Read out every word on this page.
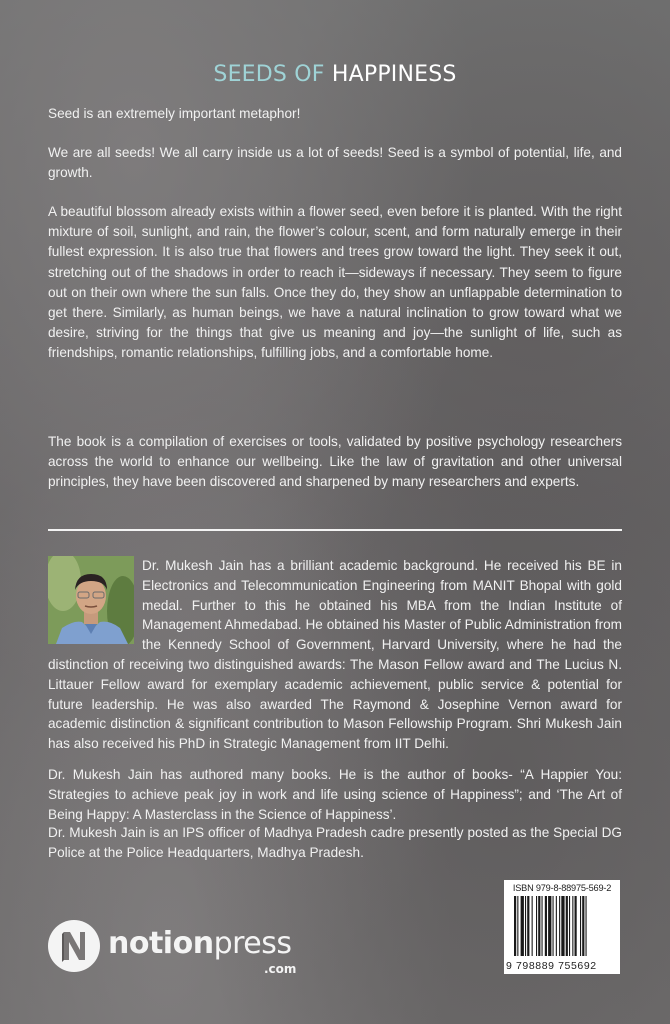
SEEDS OF HAPPINESS
Seed is an extremely important metaphor!
We are all seeds! We all carry inside us a lot of seeds! Seed is a symbol of potential, life, and growth.
A beautiful blossom already exists within a flower seed, even before it is planted. With the right mixture of soil, sunlight, and rain, the flower’s colour, scent, and form naturally emerge in their fullest expression. It is also true that flowers and trees grow toward the light. They seek it out, stretching out of the shadows in order to reach it—sideways if necessary. They seem to figure out on their own where the sun falls. Once they do, they show an unflappable determination to get there. Similarly, as human beings, we have a natural inclination to grow toward what we desire, striving for the things that give us meaning and joy—the sunlight of life, such as friendships, romantic relationships, fulfilling jobs, and a comfortable home.
The book is a compilation of exercises or tools, validated by positive psychology researchers across the world to enhance our wellbeing. Like the law of gravitation and other universal principles, they have been discovered and sharpened by many researchers and experts.
Dr. Mukesh Jain has a brilliant academic background. He received his BE in Electronics and Telecommunication Engineering from MANIT Bhopal with gold medal. Further to this he obtained his MBA from the Indian Institute of Management Ahmedabad. He obtained his Master of Public Administration from the Kennedy School of Government, Harvard University, where he had the distinction of receiving two distinguished awards: The Mason Fellow award and The Lucius N. Littauer Fellow award for exemplary academic achievement, public service & potential for future leadership. He was also awarded The Raymond & Josephine Vernon award for academic distinction & significant contribution to Mason Fellowship Program. Shri Mukesh Jain has also received his PhD in Strategic Management from IIT Delhi.
Dr. Mukesh Jain has authored many books. He is the author of books- “A Happier You: Strategies to achieve peak joy in work and life using science of Happiness”; and ‘The Art of Being Happy: A Masterclass in the Science of Happiness’.
Dr. Mukesh Jain is an IPS officer of Madhya Pradesh cadre presently posted as the Special DG Police at the Police Headquarters, Madhya Pradesh.
ISBN 979-8-88975-569-2
9 798889 755692
notionpress
.com
